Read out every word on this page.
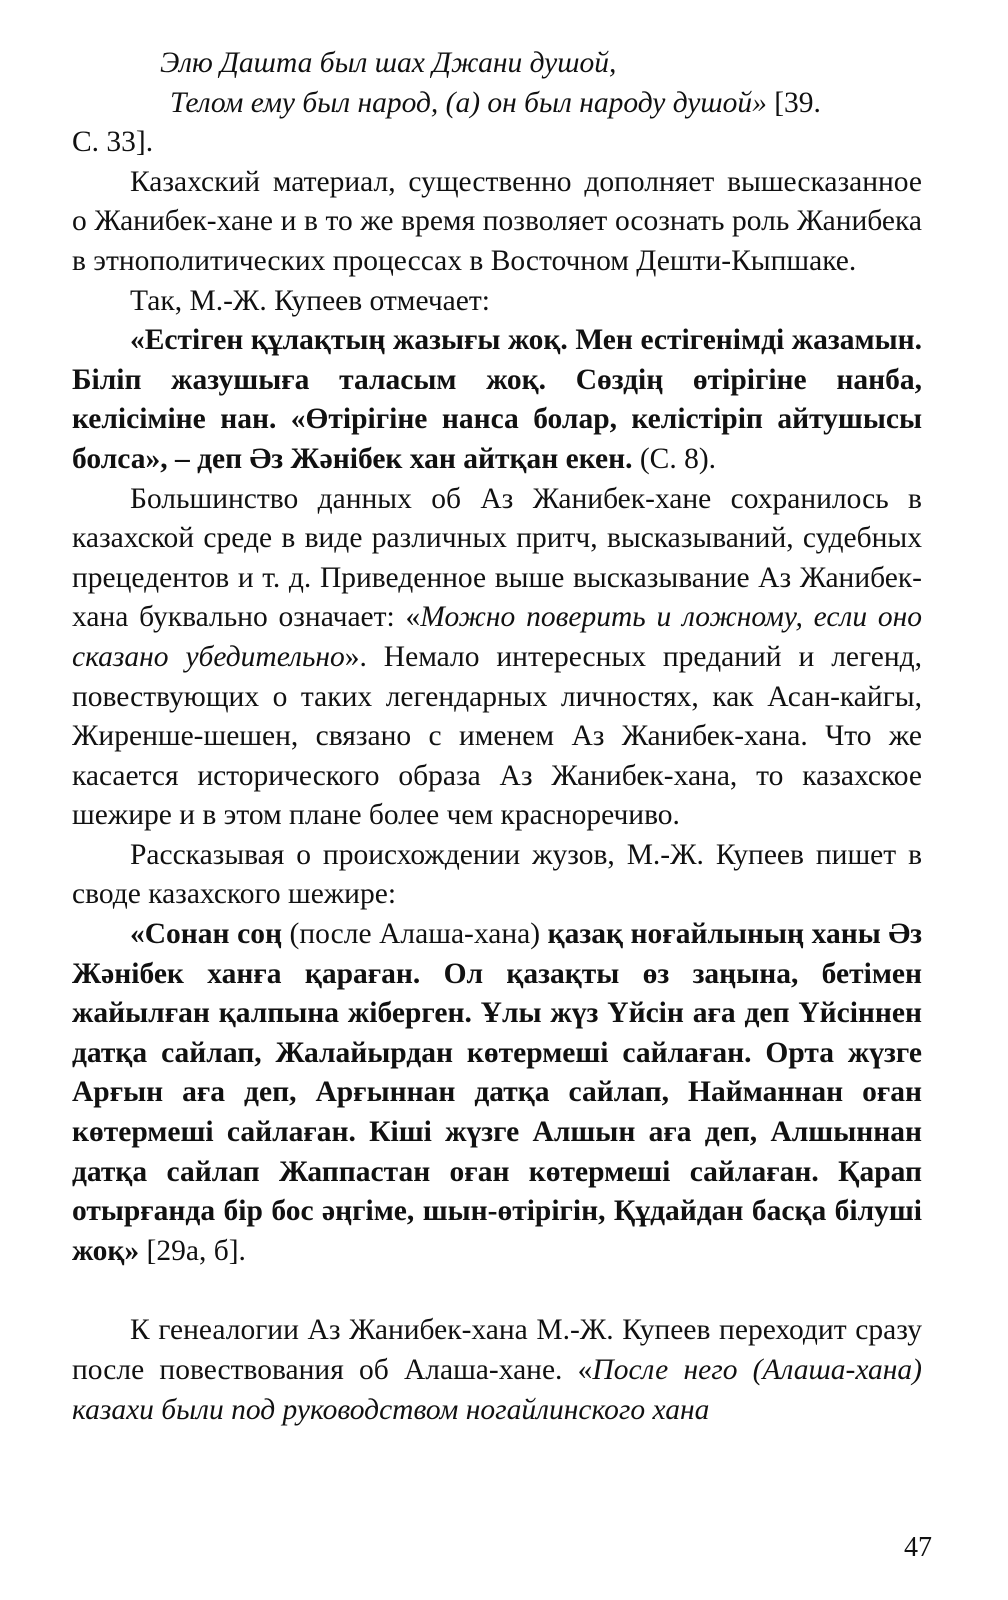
Элю Дашта был шах Джани душой,
Телом ему был народ, (а) он был народу душой» [39.
С. 33].

Казахский материал, существенно дополняет вышесказанное о Жанибек-хане и в то же время позволяет осознать роль Жанибека в этнополитических процессах в Восточном Дешти-Кыпшаке.

Так, М.-Ж. Купеев отмечает:

«Естіген құлақтың жазығы жоқ. Мен естігенімді жазамын. Біліп жазушыға таласым жоқ. Сөздің өтірігіне нанба, келісіміне нан. «Өтірігіне нанса болар, келістіріп айтушысы болса», – деп Әз Жәнібек хан айтқан екен. (С. 8).

Большинство данных об Аз Жанибек-хане сохранилось в казахской среде в виде различных притч, высказываний, судебных прецедентов и т. д. Приведенное выше высказывание Аз Жанибек-хана буквально означает: «Можно поверить и ложному, если оно сказано убедительно». Немало интересных преданий и легенд, повествующих о таких легендарных личностях, как Асан-кайгы, Жиренше-шешен, связано с именем Аз Жанибек-хана. Что же касается исторического образа Аз Жанибек-хана, то казахское шежире и в этом плане более чем красноречиво.

Рассказывая о происхождении жузов, М.-Ж. Купеев пишет в своде казахского шежире:

«Сонан соң (после Алаша-хана) қазақ ноғайлының ханы Әз Жәнібек ханға қараған. Ол қазақты өз заңына, бетімен жайылған қалпына жіберген. Ұлы жүз Үйсін аға деп Үйсіннен датқа сайлап, Жалайырдан көтермеші сайлаған. Орта жүзге Арғын аға деп, Арғыннан датқа сайлап, Найманнан оған көтермеші сайлаған. Кіші жүзге Алшын аға деп, Алшыннан датқа сайлап Жаппастан оған көтермеші сайлаған. Қарап отырғанда бір бос әңгіме, шын-өтірігін, Құдайдан басқа білуші жоқ» [29а, б].

К генеалогии Аз Жанибек-хана М.-Ж. Купеев переходит сразу после повествования об Алаша-хане. «После него (Алаша-хана) казахи были под руководством ногайлинского хана

47
